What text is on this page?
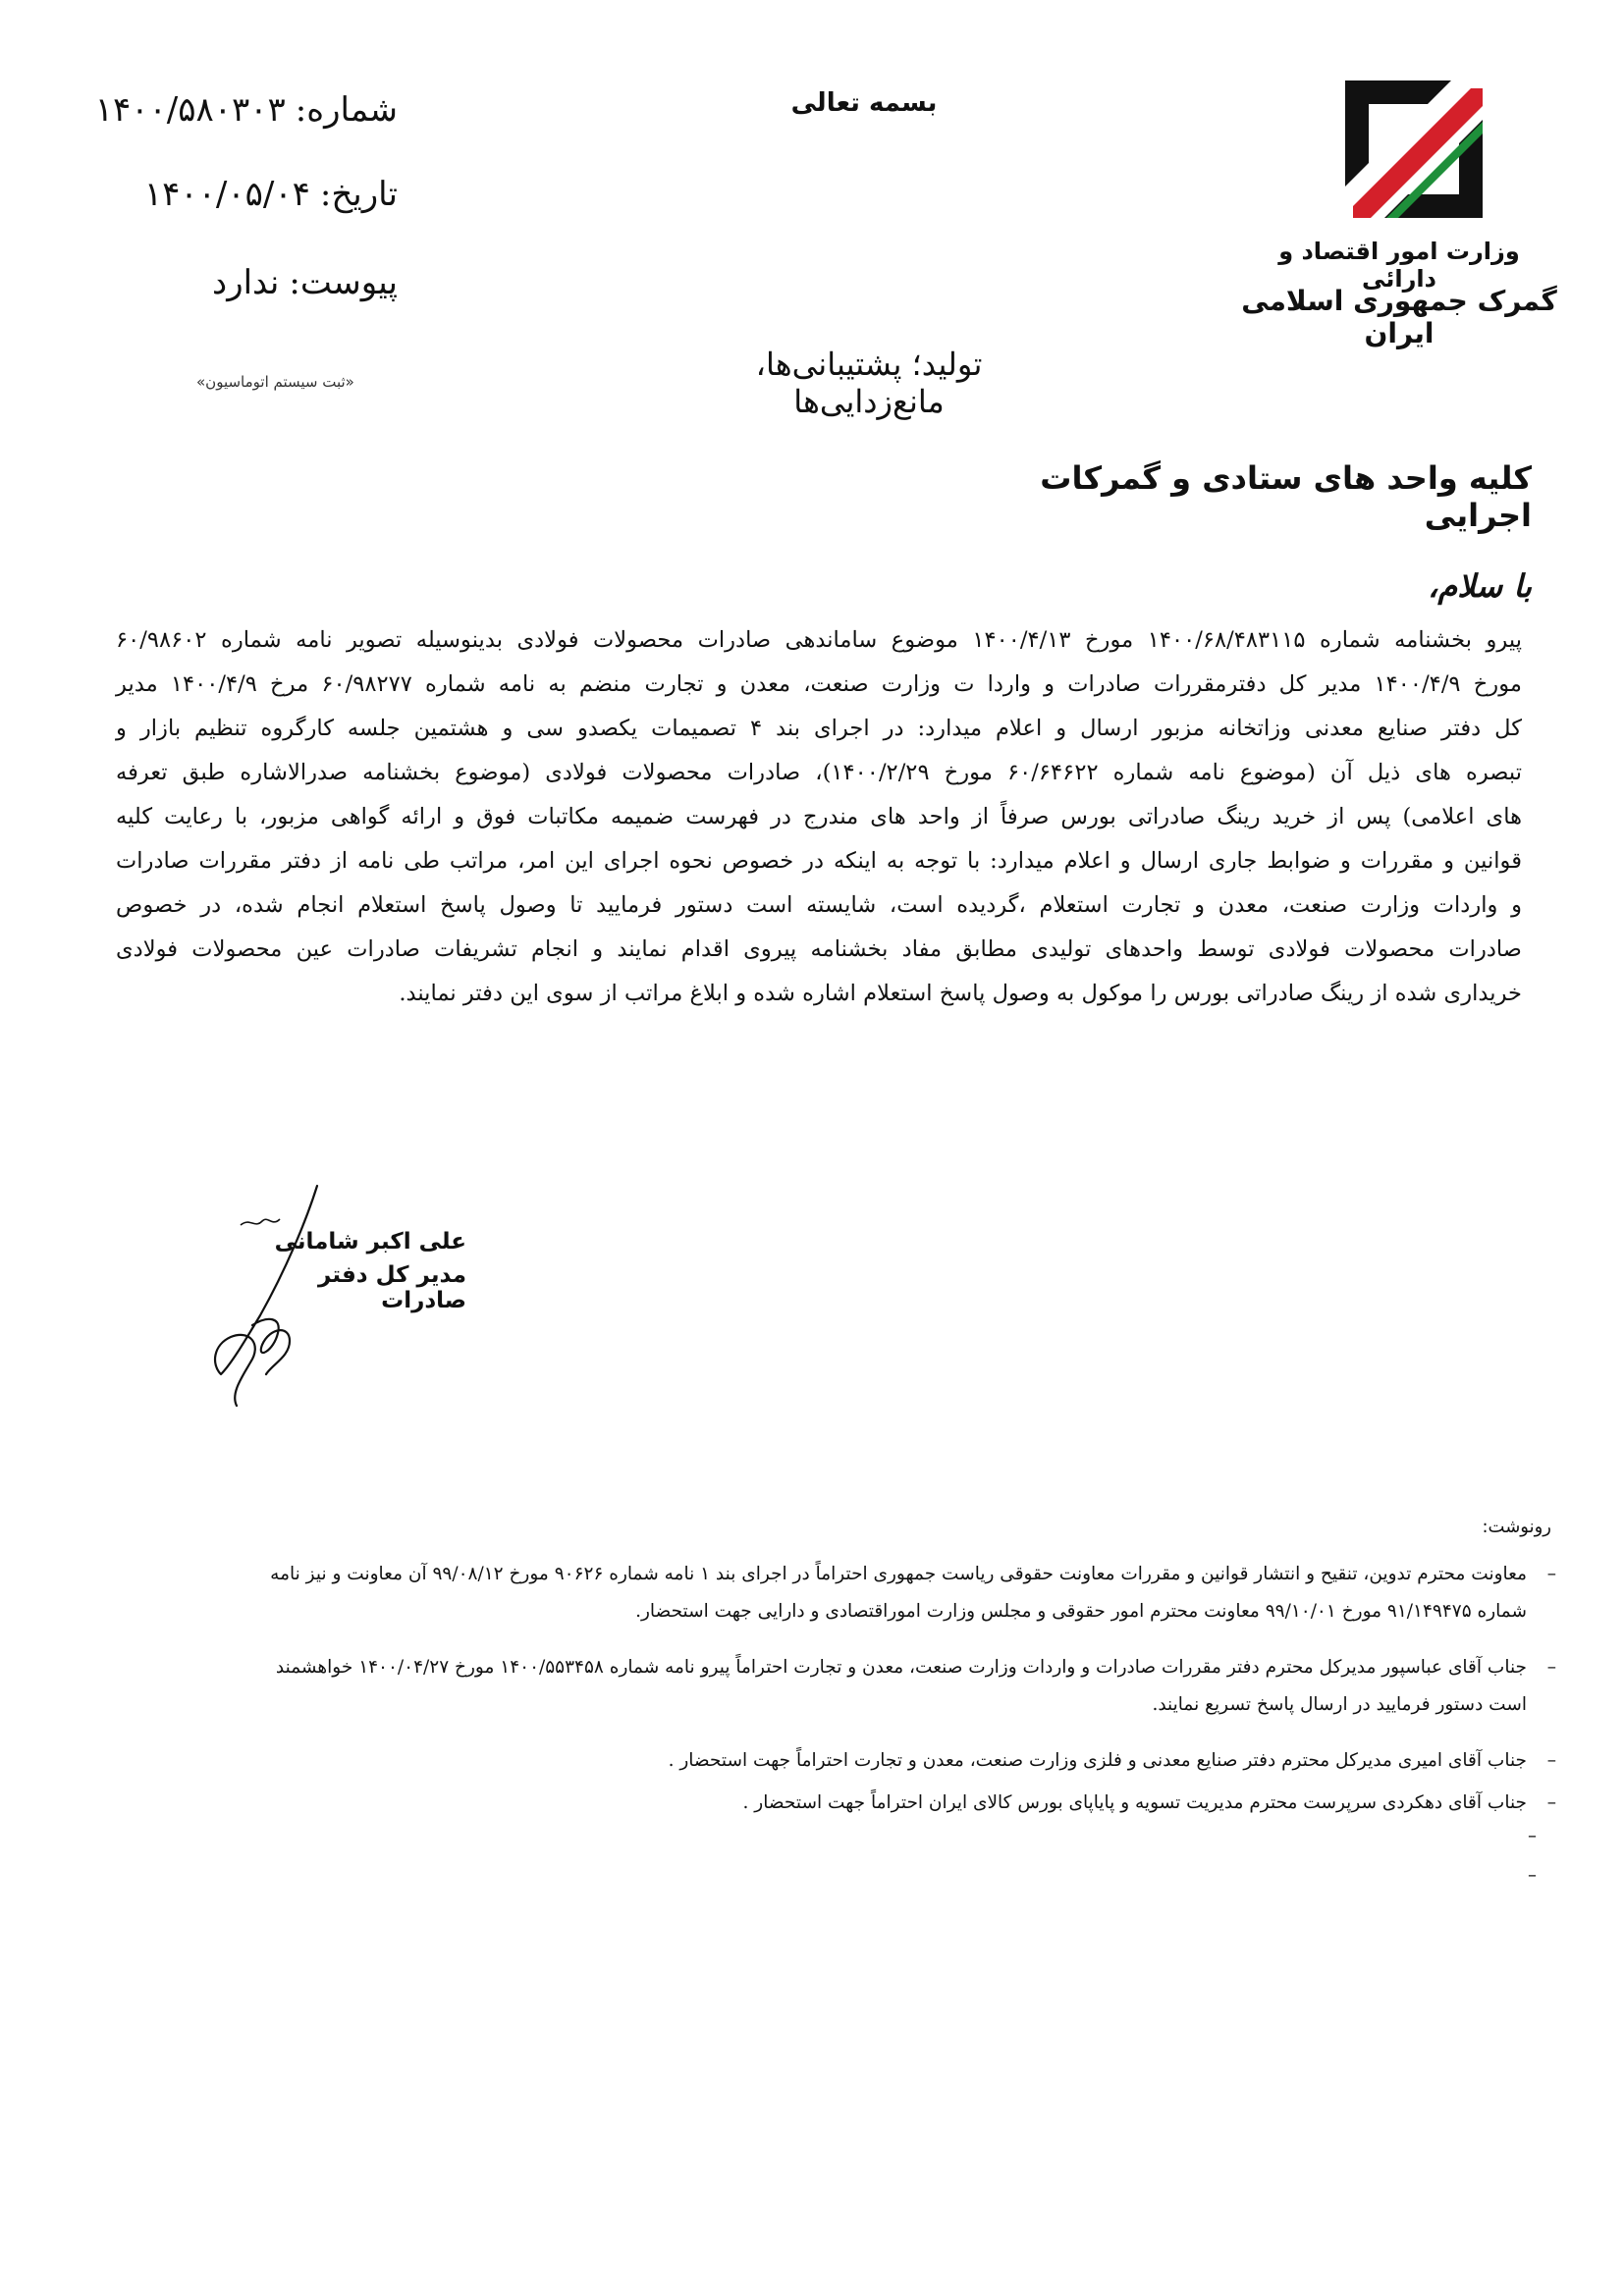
شماره:
۱۴۰۰/۵۸۰۳۰۳
تاریخ:
۱۴۰۰/۰۵/۰۴
پیوست:
ندارد
«ثبت سیستم اتوماسیون»
بسمه تعالی
وزارت امور اقتصاد و دارائی
گمرک جمهوری اسلامی ایران
تولید؛ پشتیبانی‌ها، مانع‌زدایی‌ها
کلیه واحد های ستادی و گمرکات اجرایی
با سلام،
پیرو بخشنامه شماره ۱۴۰۰/۶۸/۴۸۳۱۱۵ مورخ ۱۴۰۰/۴/۱۳ موضوع ساماندهی صادرات محصولات فولادی بدینوسیله تصویر نامه شماره ۶۰/۹۸۶۰۲
مورخ ۱۴۰۰/۴/۹ مدیر کل دفترمقررات صادرات و واردا ت وزارت صنعت، معدن و تجارت منضم به نامه شماره ۶۰/۹۸۲۷۷ مرخ ۱۴۰۰/۴/۹ مدیر
کل دفتر صنایع معدنی وزاتخانه مزبور ارسال و اعلام میدارد: در اجرای بند ۴ تصمیمات یکصدو سی و هشتمین جلسه کارگروه تنظیم بازار و
تبصره های ذیل آن (موضوع نامه شماره ۶۰/۶۴۶۲۲ مورخ ۱۴۰۰/۲/۲۹)، صادرات محصولات فولادی (موضوع بخشنامه صدرالاشاره طبق تعرفه
های اعلامی) پس از خرید رینگ صادراتی بورس صرفاً از واحد های مندرج در فهرست ضمیمه مکاتبات فوق و ارائه گواهی مزبور، با رعایت کلیه
قوانین و مقررات و ضوابط جاری ارسال و اعلام میدارد: با توجه به اینکه در خصوص نحوه اجرای این امر، مراتب طی نامه از دفتر مقررات صادرات
و واردات وزارت صنعت، معدن و تجارت استعلام ،گردیده است، شایسته است دستور فرمایید تا وصول پاسخ استعلام انجام شده، در خصوص
صادرات محصولات فولادی توسط واحدهای تولیدی مطابق مفاد بخشنامه پیروی اقدام نمایند و انجام تشریفات صادرات عین محصولات فولادی
خریداری شده از رینگ صادراتی بورس را موکول به وصول پاسخ استعلام اشاره شده و ابلاغ مراتب از سوی این دفتر نمایند.
علی اکبر شامانی
مدیر کل دفتر صادرات
رونوشت:
–
معاونت محترم تدوین، تنقیح و انتشار قوانین و مقررات معاونت حقوقی ریاست جمهوری احتراماً در اجرای بند ۱ نامه شماره ۹۰۶۲۶ مورخ ۹۹/۰۸/۱۲ آن معاونت و نیز نامه
شماره ۹۱/۱۴۹۴۷۵ مورخ ۹۹/۱۰/۰۱ معاونت محترم امور حقوقی و مجلس وزارت اموراقتصادی و دارایی جهت استحضار.
–
جناب آقای عباسپور مدیرکل محترم دفتر مقررات صادرات و واردات وزارت صنعت، معدن و تجارت احتراماً پیرو نامه شماره ۱۴۰۰/۵۵۳۴۵۸ مورخ ۱۴۰۰/۰۴/۲۷ خواهشمند
است دستور فرمایید در ارسال پاسخ تسریع نمایند.
–
جناب آقای امیری مدیرکل محترم دفتر صنایع معدنی و فلزی وزارت صنعت، معدن و تجارت احتراماً جهت استحضار .
–
جناب آقای دهکردی سرپرست محترم مدیریت تسویه و پایاپای بورس کالای ایران احتراماً جهت استحضار .
–
–
